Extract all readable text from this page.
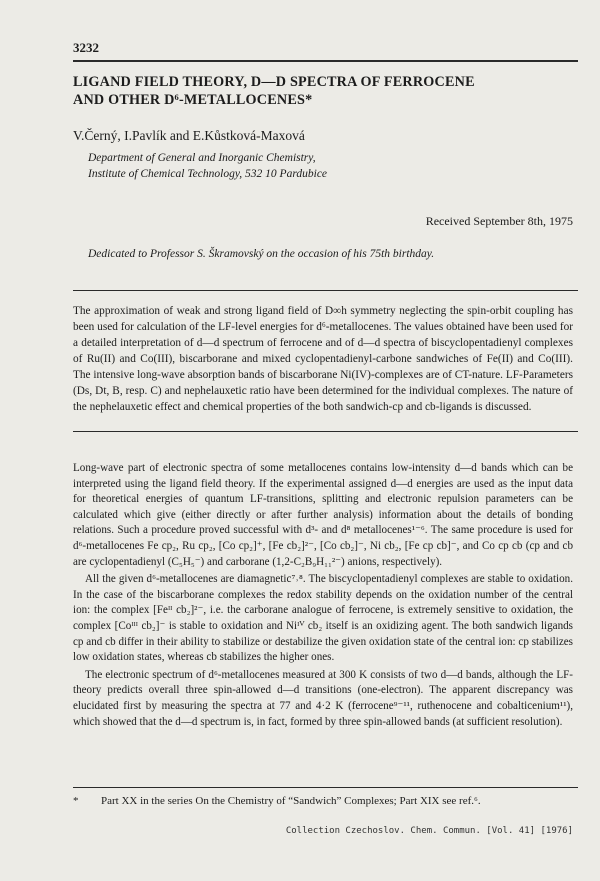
3232
LIGAND FIELD THEORY, D—D SPECTRA OF FERROCENE
AND OTHER D⁶-METALLOCENES*
V.Černý, I.Pavlík and E.Kůstková-Maxová
Department of General and Inorganic Chemistry,
Institute of Chemical Technology, 532 10 Pardubice
Received September 8th, 1975
Dedicated to Professor S. Škramovský on the occasion of his 75th birthday.
The approximation of weak and strong ligand field of D∞h symmetry neglecting the spin-orbit coupling has been used for calculation of the LF-level energies for d⁶-metallocenes. The values obtained have been used for a detailed interpretation of d—d spectrum of ferrocene and of d—d spectra of biscyclopentadienyl complexes of Ru(II) and Co(III), biscarborane and mixed cyclopentadienyl-carbone sandwiches of Fe(II) and Co(III). The intensive long-wave absorption bands of biscarborane Ni(IV)-complexes are of CT-nature. LF-Parameters (Ds, Dt, B, resp. C) and nephelauxetic ratio have been determined for the individual complexes. The nature of the nephelauxetic effect and chemical properties of the both sandwich-cp and cb-ligands is discussed.

Long-wave part of electronic spectra of some metallocenes contains low-intensity d—d bands which can be interpreted using the ligand field theory. If the experimental assigned d—d energies are used as the input data for theoretical energies of quantum LF-transitions, splitting and electronic repulsion parameters can be calculated which give (either directly or after further analysis) information about the details of bonding relations. Such a procedure proved successful with d³- and d⁸ metallocenes¹⁻⁶. The same procedure is used for d⁶-metallocenes Fe cp₂, Ru cp₂, [Co cp₂]⁺, [Fe cb₂]²⁻, [Co cb₂]⁻, Ni cb₂, [Fe cp cb]⁻, and Co cp cb (cp and cb are cyclopentadienyl (C₅H₅⁻) and carborane (1,2-C₂B₉H₁₁²⁻) anions, respectively).

All the given d⁶-metallocenes are diamagnetic⁷˒⁸. The biscyclopentadienyl complexes are stable to oxidation. In the case of the biscarborane complexes the redox stability depends on the oxidation number of the central ion: the complex [Feᴵᴵ cb₂]²⁻, i.e. the carborane analogue of ferrocene, is extremely sensitive to oxidation, the complex [Coᴵᴵᴵ cb₂]⁻ is stable to oxidation and Niᴵⱽ cb₂ itself is an oxidizing agent. The both sandwich ligands cp and cb differ in their ability to stabilize or destabilize the given oxidation state of the central ion: cp stabilizes low oxidation states, whereas cb stabilizes the higher ones.

The electronic spectrum of d⁶-metallocenes measured at 300 K consists of two d—d bands, although the LF-theory predicts overall three spin-allowed d—d transitions (one-electron). The apparent discrepancy was elucidated first by measuring the spectra at 77 and 4·2 K (ferrocene⁹⁻¹¹, ruthenocene and cobalticenium¹¹), which showed that the d—d spectrum is, in fact, formed by three spin-allowed bands (at sufficient resolution).

* Part XX in the series On the Chemistry of “Sandwich” Complexes; Part XIX see ref.⁶.
Collection Czechoslov. Chem. Commun. [Vol. 41] [1976]
